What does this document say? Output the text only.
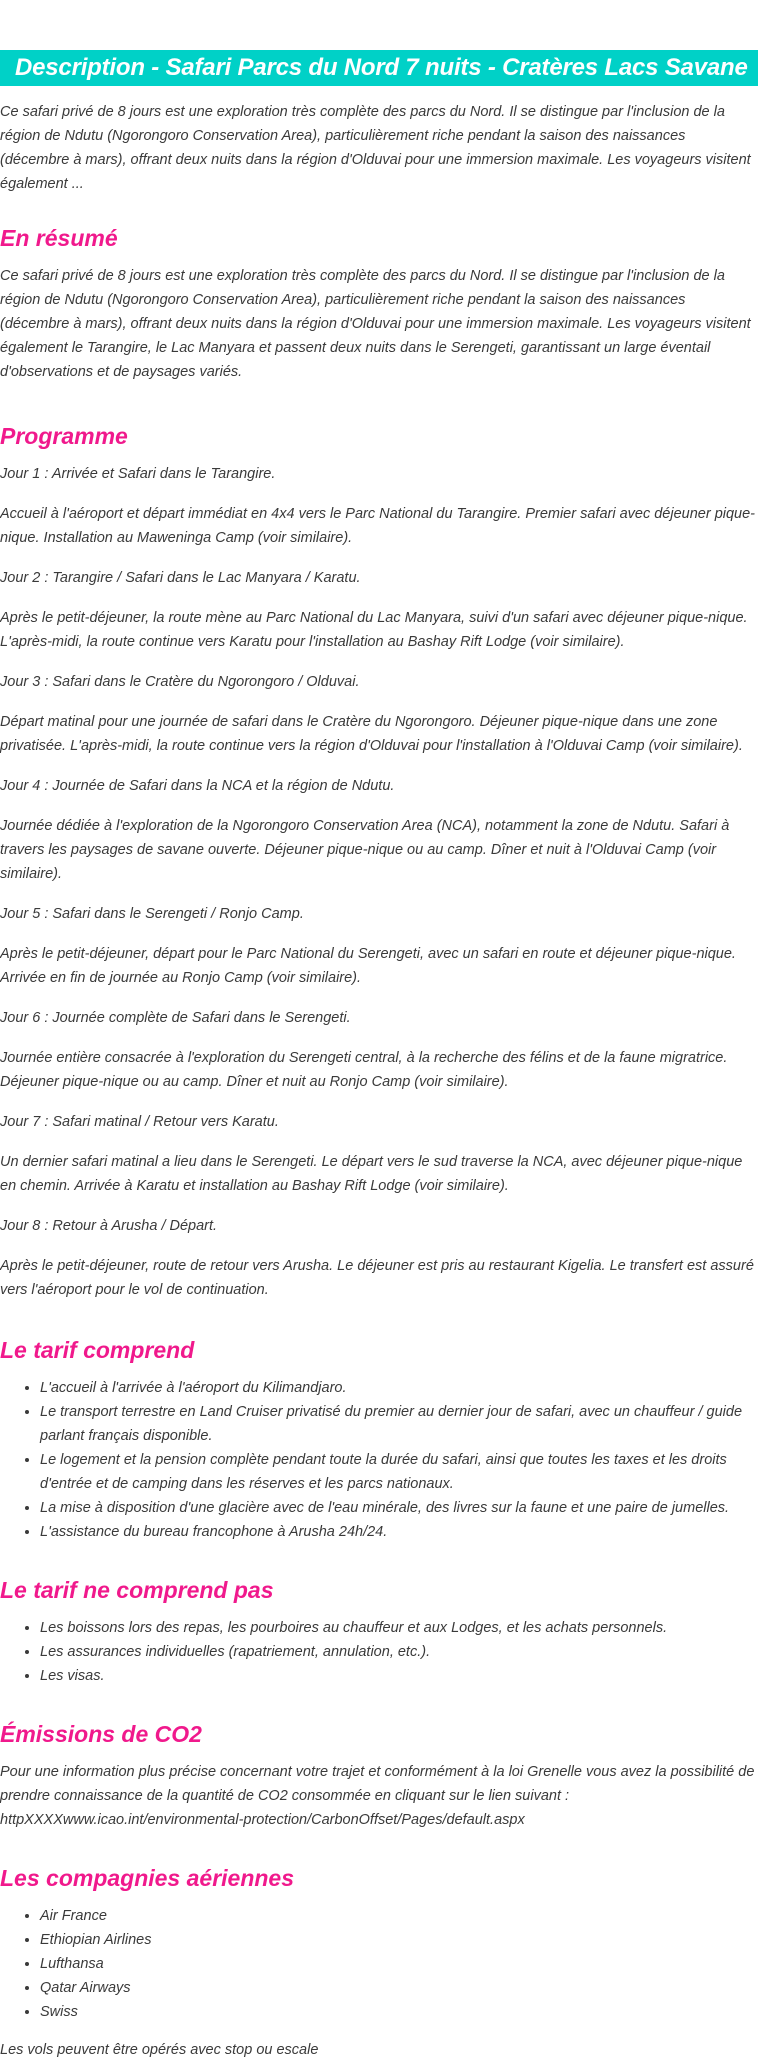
Description - Safari Parcs du Nord 7 nuits - Cratères Lacs Savane

Ce safari privé de 8 jours est une exploration très complète des parcs du Nord. Il se distingue par l'inclusion de la région de Ndutu (Ngorongoro Conservation Area), particulièrement riche pendant la saison des naissances (décembre à mars), offrant deux nuits dans la région d'Olduvai pour une immersion maximale. Les voyageurs visitent également ...

En résumé

Ce safari privé de 8 jours est une exploration très complète des parcs du Nord. Il se distingue par l'inclusion de la région de Ndutu (Ngorongoro Conservation Area), particulièrement riche pendant la saison des naissances (décembre à mars), offrant deux nuits dans la région d'Olduvai pour une immersion maximale. Les voyageurs visitent également le Tarangire, le Lac Manyara et passent deux nuits dans le Serengeti, garantissant un large éventail d'observations et de paysages variés.

Programme

Jour 1 : Arrivée et Safari dans le Tarangire.

Accueil à l'aéroport et départ immédiat en 4x4 vers le Parc National du Tarangire. Premier safari avec déjeuner pique-nique. Installation au Maweninga Camp (voir similaire).

Jour 2 : Tarangire / Safari dans le Lac Manyara / Karatu.

Après le petit-déjeuner, la route mène au Parc National du Lac Manyara, suivi d'un safari avec déjeuner pique-nique. L'après-midi, la route continue vers Karatu pour l'installation au Bashay Rift Lodge (voir similaire).

Jour 3 : Safari dans le Cratère du Ngorongoro / Olduvai.

Départ matinal pour une journée de safari dans le Cratère du Ngorongoro. Déjeuner pique-nique dans une zone privatisée. L'après-midi, la route continue vers la région d'Olduvai pour l'installation à l'Olduvai Camp (voir similaire).

Jour 4 : Journée de Safari dans la NCA et la région de Ndutu.

Journée dédiée à l'exploration de la Ngorongoro Conservation Area (NCA), notamment la zone de Ndutu. Safari à travers les paysages de savane ouverte. Déjeuner pique-nique ou au camp. Dîner et nuit à l'Olduvai Camp (voir similaire).

Jour 5 : Safari dans le Serengeti / Ronjo Camp.

Après le petit-déjeuner, départ pour le Parc National du Serengeti, avec un safari en route et déjeuner pique-nique. Arrivée en fin de journée au Ronjo Camp (voir similaire).

Jour 6 : Journée complète de Safari dans le Serengeti.

Journée entière consacrée à l'exploration du Serengeti central, à la recherche des félins et de la faune migratrice. Déjeuner pique-nique ou au camp. Dîner et nuit au Ronjo Camp (voir similaire).

Jour 7 : Safari matinal / Retour vers Karatu.

Un dernier safari matinal a lieu dans le Serengeti. Le départ vers le sud traverse la NCA, avec déjeuner pique-nique en chemin. Arrivée à Karatu et installation au Bashay Rift Lodge (voir similaire).

Jour 8 : Retour à Arusha / Départ.

Après le petit-déjeuner, route de retour vers Arusha. Le déjeuner est pris au restaurant Kigelia. Le transfert est assuré vers l'aéroport pour le vol de continuation.

Le tarif comprend
• L'accueil à l'arrivée à l'aéroport du Kilimandjaro.
• Le transport terrestre en Land Cruiser privatisé du premier au dernier jour de safari, avec un chauffeur / guide parlant français disponible.
• Le logement et la pension complète pendant toute la durée du safari, ainsi que toutes les taxes et les droits d'entrée et de camping dans les réserves et les parcs nationaux.
• La mise à disposition d'une glacière avec de l'eau minérale, des livres sur la faune et une paire de jumelles.
• L'assistance du bureau francophone à Arusha 24h/24.
Le tarif ne comprend pas
• Les boissons lors des repas, les pourboires au chauffeur et aux Lodges, et les achats personnels.
• Les assurances individuelles (rapatriement, annulation, etc.).
• Les visas.
Émissions de CO2

Pour une information plus précise concernant votre trajet et conformément à la loi Grenelle vous avez la possibilité de prendre connaissance de la quantité de CO2 consommée en cliquant sur le lien suivant : httpXXXXwww.icao.int/environmental-protection/CarbonOffset/Pages/default.aspx

Les compagnies aériennes
• Air France
• Ethiopian Airlines
• Lufthansa
• Qatar Airways
• Swiss

Les vols peuvent être opérés avec stop ou escale
